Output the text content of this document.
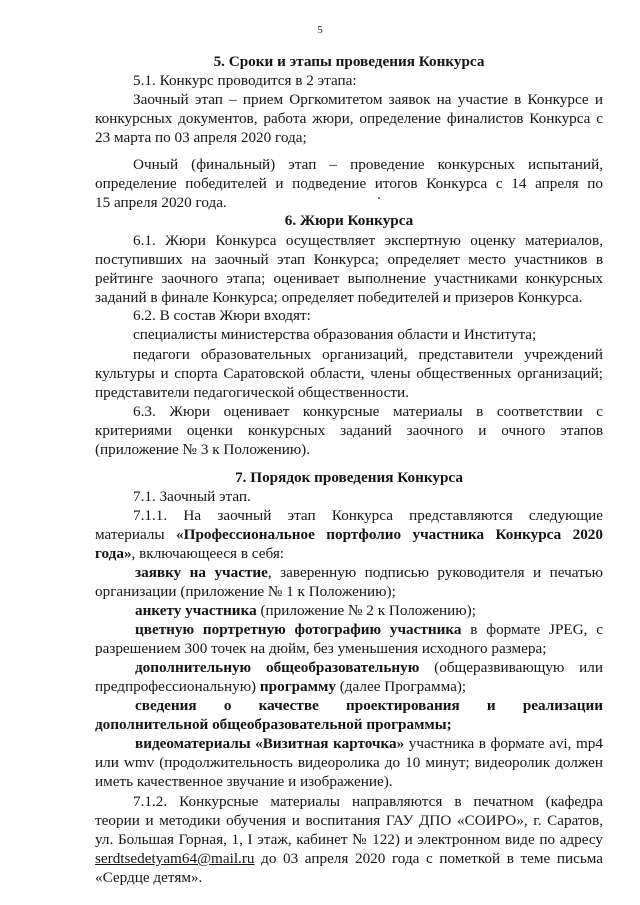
5
5. Сроки и этапы проведения Конкурса
5.1. Конкурс проводится в 2 этапа:
Заочный этап – прием Оргкомитетом заявок на участие в Конкурсе и
конкурсных документов, работа жюри, определение финалистов Конкурса с
23 марта по 03 апреля 2020 года;
Очный (финальный) этап – проведение конкурсных испытаний,
определение победителей и подведение итогов Конкурса с 14 апреля по
15 апреля 2020 года.
6. Жюри Конкурса
6.1. Жюри Конкурса осуществляет экспертную оценку материалов,
поступивших на заочный этап Конкурса; определяет место участников в
рейтинге заочного этапа; оценивает выполнение участниками конкурсных
заданий в финале Конкурса; определяет победителей и призеров Конкурса.
6.2. В состав Жюри входят:
специалисты министерства образования области и Института;
педагоги образовательных организаций, представители учреждений
культуры и спорта Саратовской области, члены общественных организаций;
представители педагогической общественности.
6.3. Жюри оценивает конкурсные материалы в соответствии с
критериями оценки конкурсных заданий заочного и очного этапов
(приложение № 3 к Положению).
7. Порядок проведения Конкурса
7.1. Заочный этап.
7.1.1. На заочный этап Конкурса представляются следующие
материалы «Профессиональное портфолио участника Конкурса 2020
года», включающееся в себя:
заявку на участие, заверенную подписью руководителя и печатью
организации (приложение № 1 к Положению);
анкету участника (приложение № 2 к Положению);
цветную портретную фотографию участника в формате JPEG, с
разрешением 300 точек на дюйм, без уменьшения исходного размера;
дополнительную общеобразовательную (общеразвивающую или
предпрофессиональную) программу (далее Программа);
сведения о качестве проектирования и реализации
дополнительной общеобразовательной программы;
видеоматериалы «Визитная карточка» участника в формате avi, mp4
или wmv (продолжительность видеоролика до 10 минут; видеоролик должен
иметь качественное звучание и изображение).
7.1.2. Конкурсные материалы направляются в печатном (кафедра
теории и методики обучения и воспитания ГАУ ДПО «СОИРО», г. Саратов,
ул. Большая Горная, 1, I этаж, кабинет № 122) и электронном виде по адресу
serdtsedetyam64@mail.ru до 03 апреля 2020 года с пометкой в теме письма
«Сердце детям».
